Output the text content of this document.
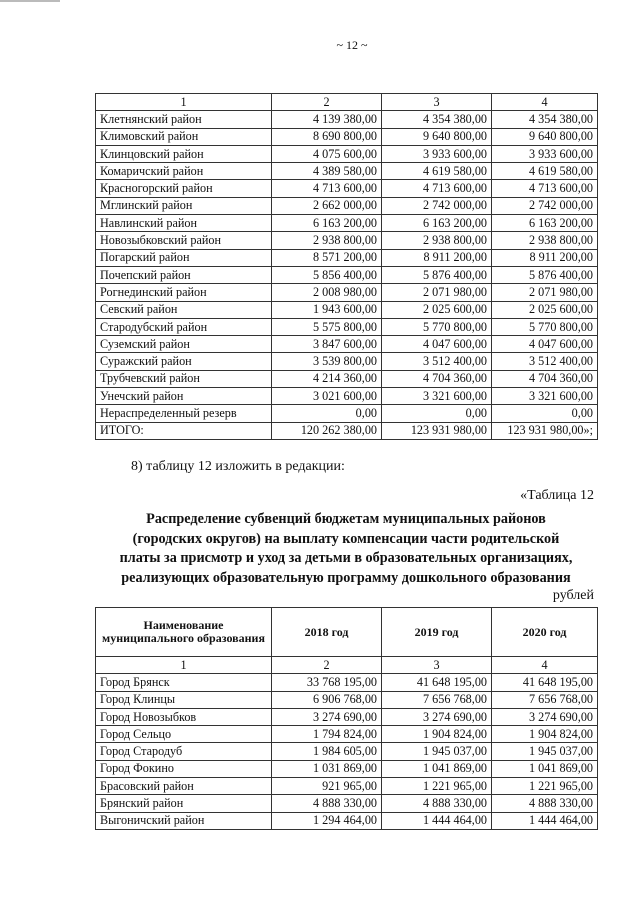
~ 12 ~
1	2	3	4
Клетнянский район	4 139 380,00	4 354 380,00	4 354 380,00
Климовский район	8 690 800,00	9 640 800,00	9 640 800,00
Клинцовский район	4 075 600,00	3 933 600,00	3 933 600,00
Комаричский район	4 389 580,00	4 619 580,00	4 619 580,00
Красногорский район	4 713 600,00	4 713 600,00	4 713 600,00
Мглинский район	2 662 000,00	2 742 000,00	2 742 000,00
Навлинский район	6 163 200,00	6 163 200,00	6 163 200,00
Новозыбковский район	2 938 800,00	2 938 800,00	2 938 800,00
Погарский район	8 571 200,00	8 911 200,00	8 911 200,00
Почепский район	5 856 400,00	5 876 400,00	5 876 400,00
Рогнединский район	2 008 980,00	2 071 980,00	2 071 980,00
Севский район	1 943 600,00	2 025 600,00	2 025 600,00
Стародубский район	5 575 800,00	5 770 800,00	5 770 800,00
Суземский район	3 847 600,00	4 047 600,00	4 047 600,00
Суражский район	3 539 800,00	3 512 400,00	3 512 400,00
Трубчевский район	4 214 360,00	4 704 360,00	4 704 360,00
Унечский район	3 021 600,00	3 321 600,00	3 321 600,00
Нераспределенный резерв	0,00	0,00	0,00
ИТОГО:	120 262 380,00	123 931 980,00	123 931 980,00»;
8) таблицу 12 изложить в редакции:
«Таблица 12
Распределение субвенций бюджетам муниципальных районов
(городских округов) на выплату компенсации части родительской
платы за присмотр и уход за детьми в образовательных организациях,
реализующих образовательную программу дошкольного образования
рублей
Наименование муниципального образования	2018 год	2019 год	2020 год
1	2	3	4
Город Брянск	33 768 195,00	41 648 195,00	41 648 195,00
Город Клинцы	6 906 768,00	7 656 768,00	7 656 768,00
Город Новозыбков	3 274 690,00	3 274 690,00	3 274 690,00
Город Сельцо	1 794 824,00	1 904 824,00	1 904 824,00
Город Стародуб	1 984 605,00	1 945 037,00	1 945 037,00
Город Фокино	1 031 869,00	1 041 869,00	1 041 869,00
Брасовский район	921 965,00	1 221 965,00	1 221 965,00
Брянский район	4 888 330,00	4 888 330,00	4 888 330,00
Выгоничский район	1 294 464,00	1 444 464,00	1 444 464,00
